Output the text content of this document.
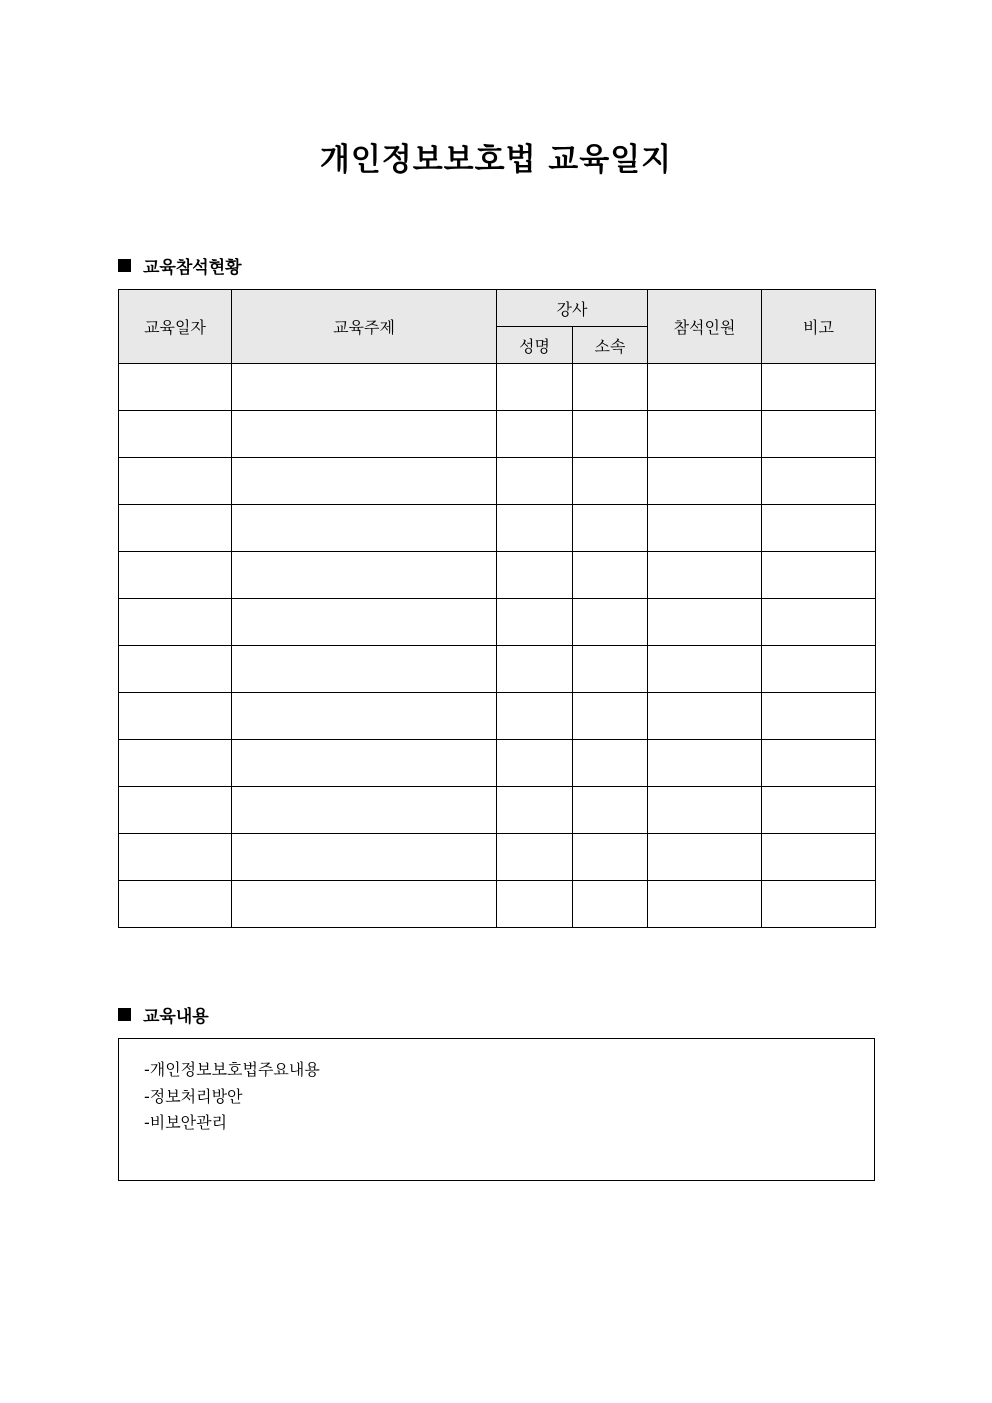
개인정보보호법 교육일지
교육참석현황
교육일자	교육주제	강사		참석인원	비고
		성명	소속		

교육내용
-개인정보보호법주요내용
-정보처리방안
-비보안관리
